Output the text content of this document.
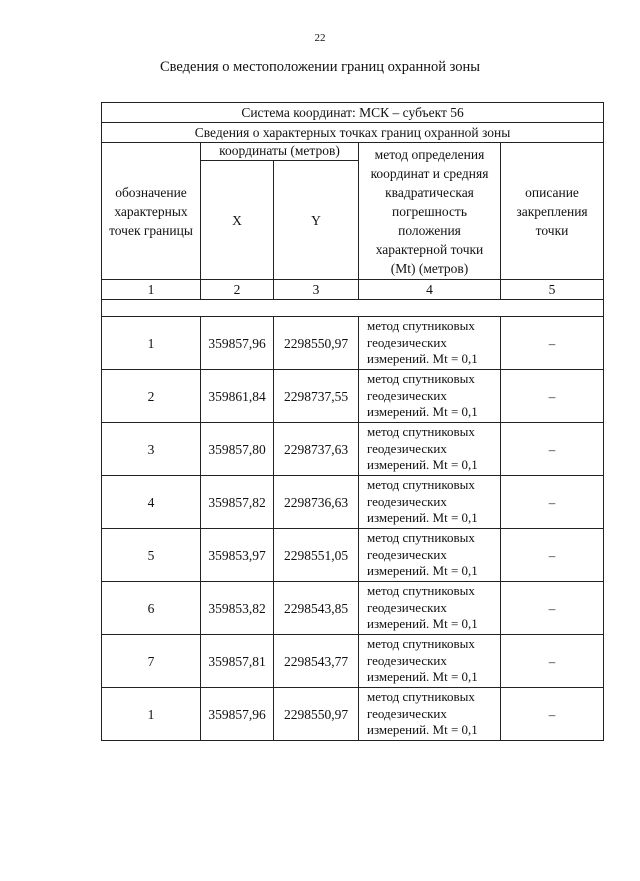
22
Сведения о местоположении границ охранной зоны
Система координат: МСК – субъект 56				
Сведения о характерных точках границ охранной зоны				
обозначение характерных точек границы	координаты (метров)		метод определения координат и средняя квадратическая погрешность положения характерной точки (Mt) (метров)	описание закрепления точки
	X	Y		
1	2	3	4	5

1	359857,96	2298550,97	метод спутниковых геодезических измерений. Mt = 0,1	–
2	359861,84	2298737,55	метод спутниковых геодезических измерений. Mt = 0,1	–
3	359857,80	2298737,63	метод спутниковых геодезических измерений. Mt = 0,1	–
4	359857,82	2298736,63	метод спутниковых геодезических измерений. Mt = 0,1	–
5	359853,97	2298551,05	метод спутниковых геодезических измерений. Mt = 0,1	–
6	359853,82	2298543,85	метод спутниковых геодезических измерений. Mt = 0,1	–
7	359857,81	2298543,77	метод спутниковых геодезических измерений. Mt = 0,1	–
1	359857,96	2298550,97	метод спутниковых геодезических измерений. Mt = 0,1	–
